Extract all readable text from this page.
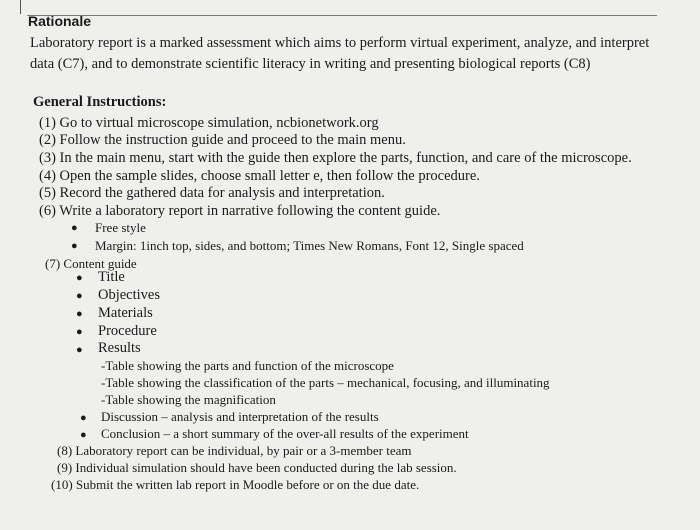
Rationale
Laboratory report is a marked assessment which aims to perform virtual experiment, analyze, and interpret
data (C7), and to demonstrate scientific literacy in writing and presenting biological reports (C8)
General Instructions:
(1) Go to virtual microscope simulation, ncbionetwork.org
(2) Follow the instruction guide and proceed to the main menu.
(3) In the main menu, start with the guide then explore the parts, function, and care of the microscope.
(4) Open the sample slides, choose small letter e, then follow the procedure.
(5) Record the gathered data for analysis and interpretation.
(6) Write a laboratory report in narrative following the content guide.
● Free style
● Margin: 1inch top, sides, and bottom; Times New Romans, Font 12, Single spaced
(7) Content guide
● Title
● Objectives
● Materials
● Procedure
● Results
-Table showing the parts and function of the microscope
-Table showing the classification of the parts – mechanical, focusing, and illuminating
-Table showing the magnification
● Discussion – analysis and interpretation of the results
● Conclusion – a short summary of the over-all results of the experiment
(8) Laboratory report can be individual, by pair or a 3-member team
(9) Individual simulation should have been conducted during the lab session.
(10) Submit the written lab report in Moodle before or on the due date.
